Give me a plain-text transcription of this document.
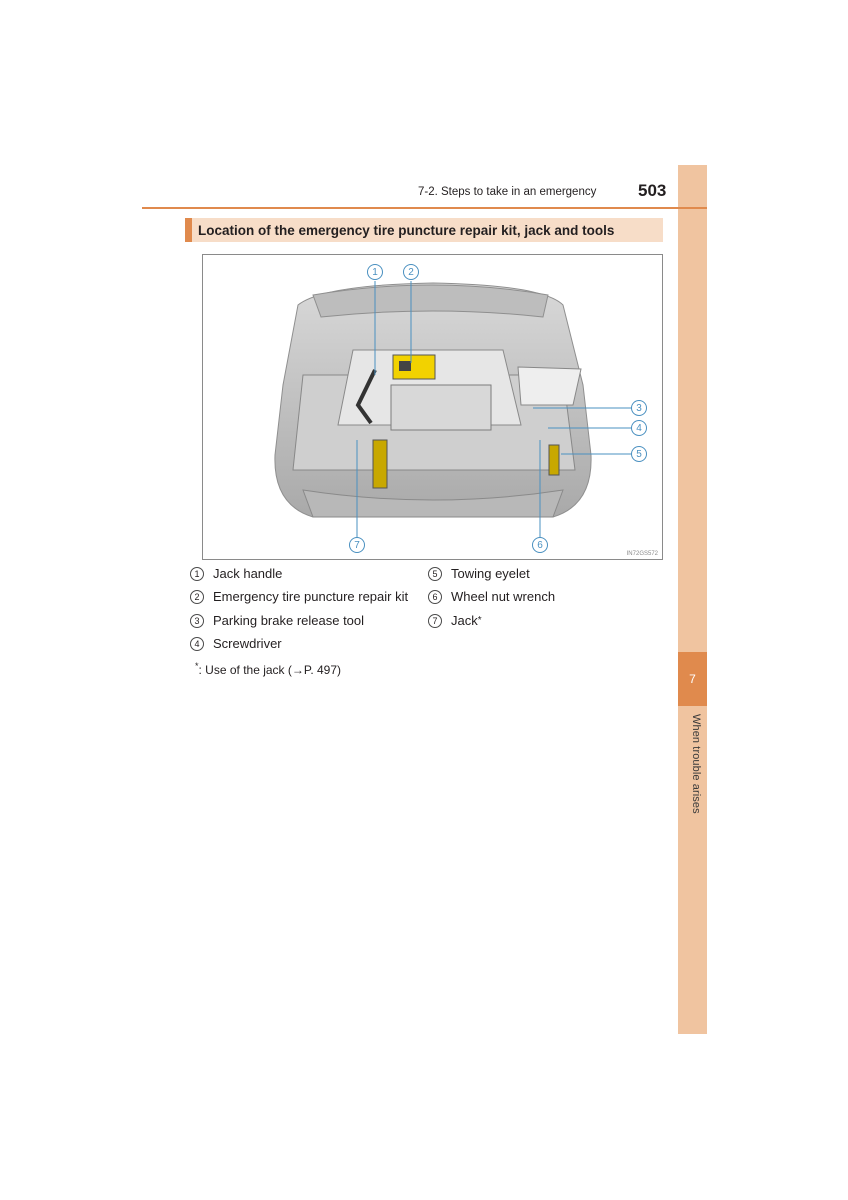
7
When trouble arises
7-2. Steps to take in an emergency 503
Location of the emergency tire puncture repair kit, jack and tools
1	2
3
4
5
6
7
IN72GS572
1	Jack handle
2	Emergency tire puncture repair kit
3	Parking brake release tool
4	Screwdriver
5	Towing eyelet
6	Wheel nut wrench
7	Jack *
*: Use of the jack (→P. 497)
